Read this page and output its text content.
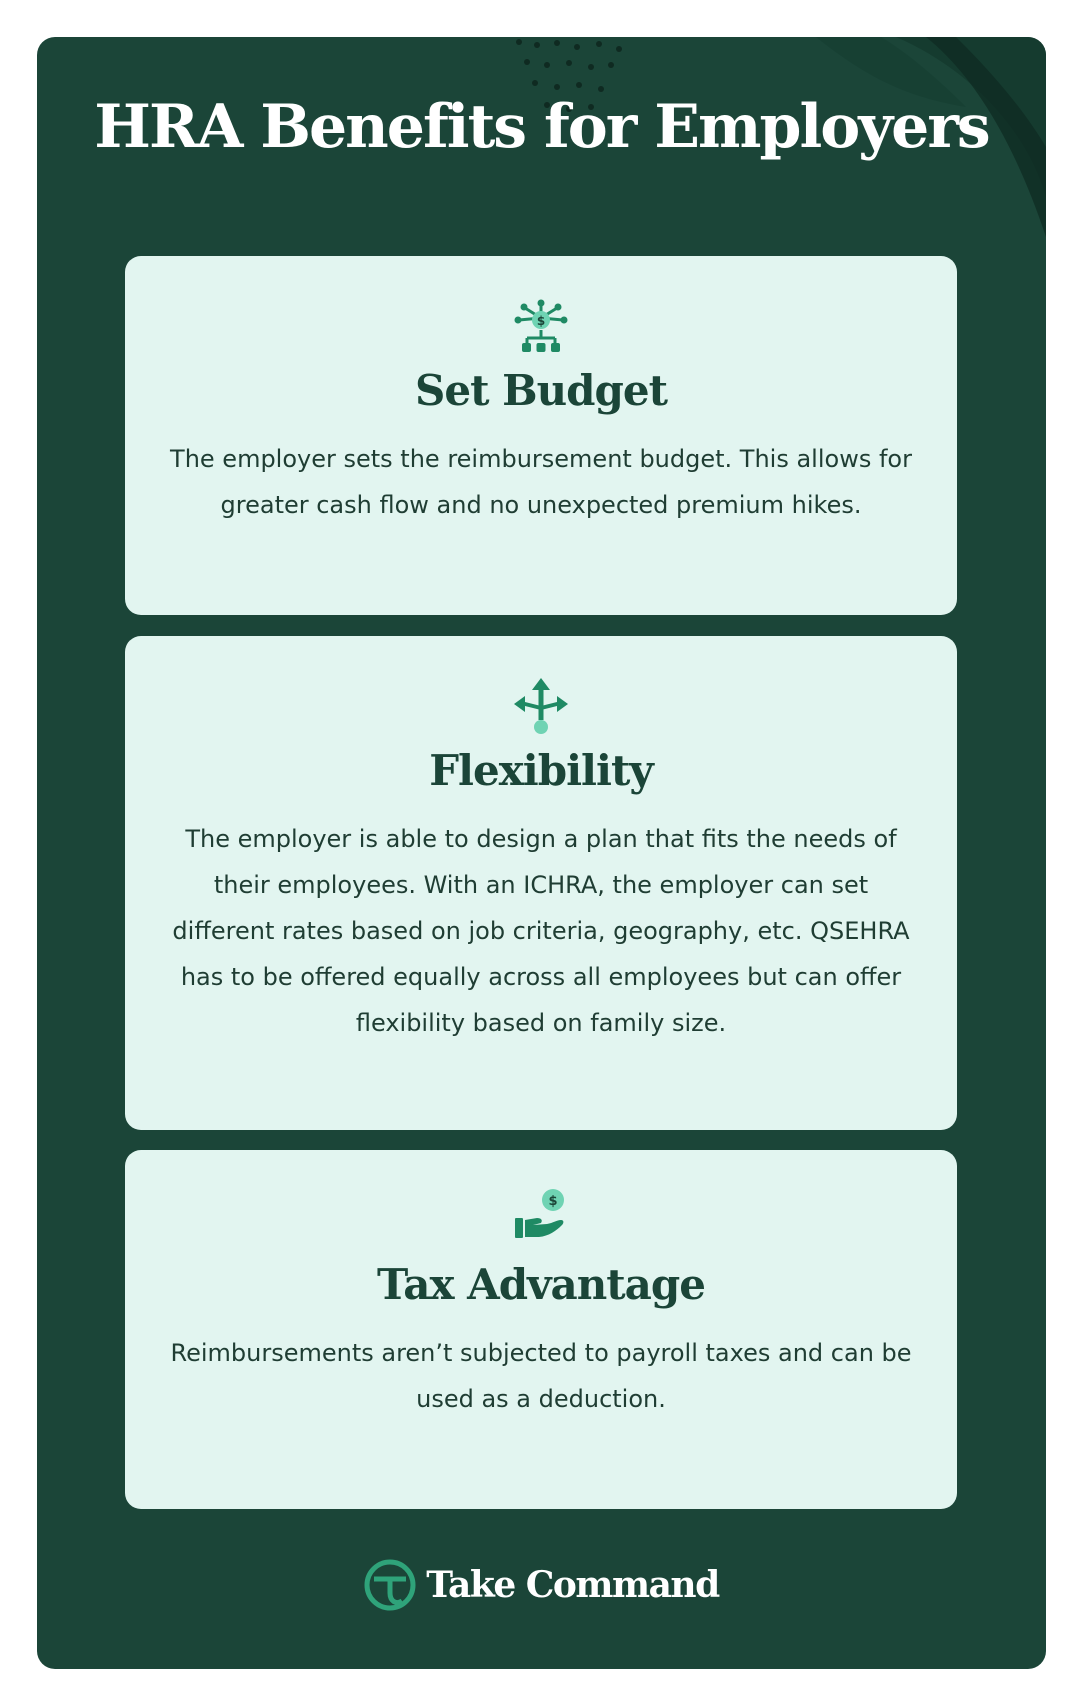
HRA Benefits for Employers
$
Set Budget

The employer sets the reimbursement budget. This allows for greater cash flow and no unexpected premium hikes.

Flexibility

The employer is able to design a plan that fits the needs of their employees. With an ICHRA, the employer can set different rates based on job criteria, geography, etc. QSEHRA has to be offered equally across all employees but can offer flexibility based on family size.

$
Tax Advantage

Reimbursements aren’t subjected to payroll taxes and can be used as a deduction.

Take Command
